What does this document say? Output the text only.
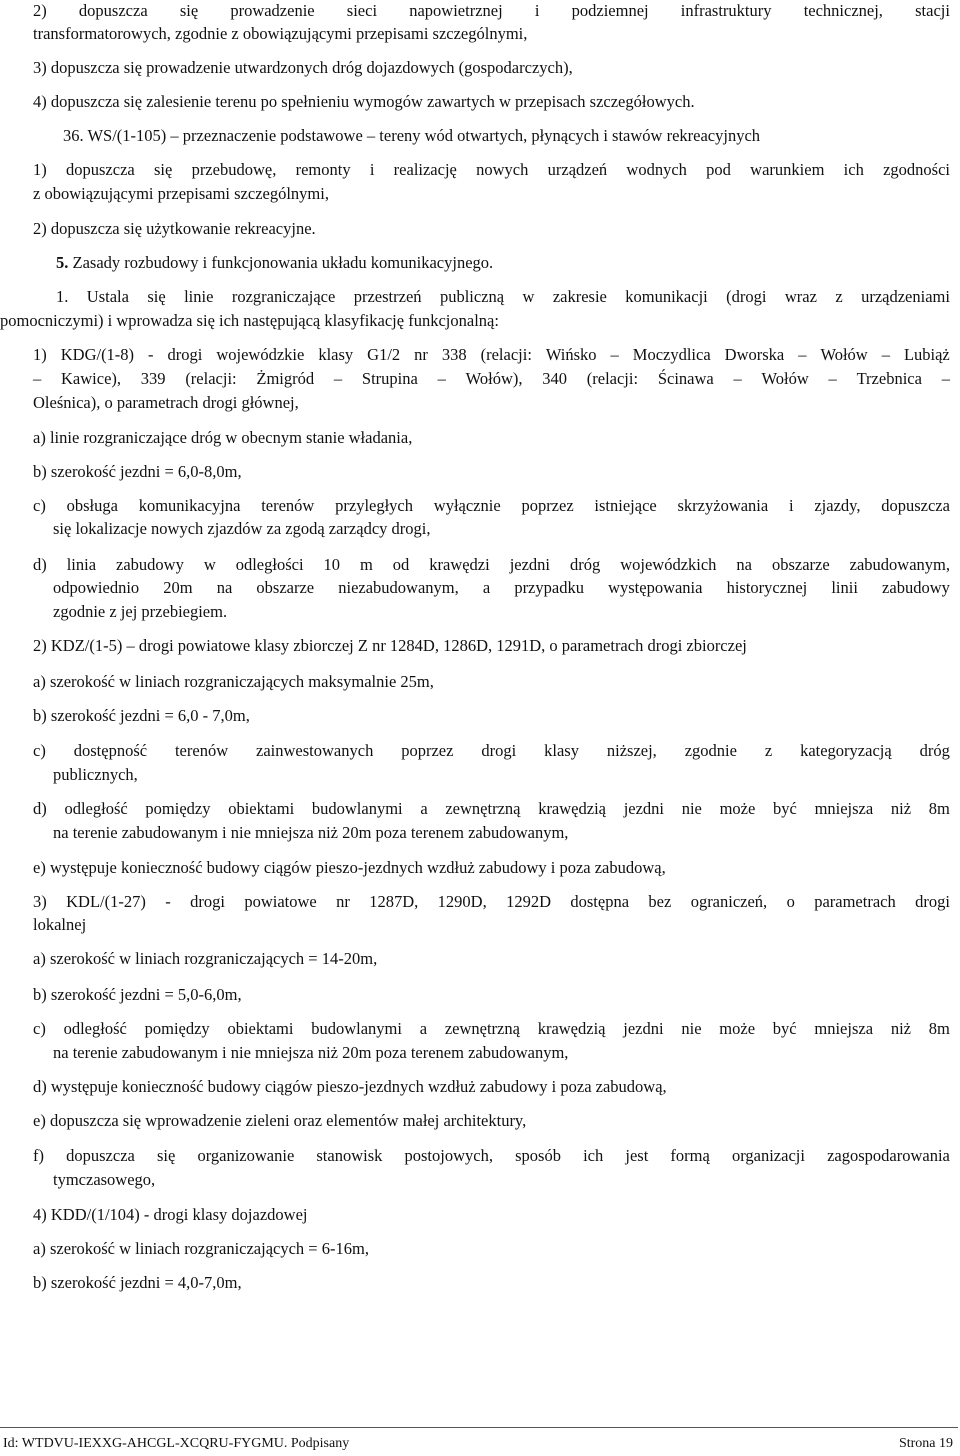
2) dopuszcza się prowadzenie sieci napowietrznej i podziemnej infrastruktury technicznej, stacji
transformatorowych, zgodnie z obowiązującymi przepisami szczególnymi,
3) dopuszcza się prowadzenie utwardzonych dróg dojazdowych (gospodarczych),
4) dopuszcza się zalesienie terenu po spełnieniu wymogów zawartych w przepisach szczegółowych.
36. WS/(1-105) – przeznaczenie podstawowe – tereny wód otwartych, płynących i stawów rekreacyjnych
1) dopuszcza się przebudowę, remonty i realizację nowych urządzeń wodnych pod warunkiem ich zgodności
z obowiązującymi przepisami szczególnymi,
2) dopuszcza się użytkowanie rekreacyjne.
5. Zasady rozbudowy i funkcjonowania układu komunikacyjnego.
1. Ustala się linie rozgraniczające przestrzeń publiczną w zakresie komunikacji (drogi wraz z urządzeniami
pomocniczymi) i wprowadza się ich następującą klasyfikację funkcjonalną:
1) KDG/(1-8) - drogi wojewódzkie klasy G1/2 nr 338 (relacji: Wińsko – Moczydlica Dworska – Wołów – Lubiąż
– Kawice), 339 (relacji: Żmigród – Strupina – Wołów), 340 (relacji: Ścinawa – Wołów – Trzebnica –
Oleśnica), o parametrach drogi głównej,
a) linie rozgraniczające dróg w obecnym stanie władania,
b) szerokość jezdni = 6,0-8,0m,
c) obsługa komunikacyjna terenów przyległych wyłącznie poprzez istniejące skrzyżowania i zjazdy, dopuszcza
się lokalizacje nowych zjazdów za zgodą zarządcy drogi,
d) linia zabudowy w odległości 10 m od krawędzi jezdni dróg wojewódzkich na obszarze zabudowanym,
odpowiednio 20m na obszarze niezabudowanym, a przypadku występowania historycznej linii zabudowy
zgodnie z jej przebiegiem.
2) KDZ/(1-5) – drogi powiatowe klasy zbiorczej Z nr 1284D, 1286D, 1291D, o parametrach drogi zbiorczej
a) szerokość w liniach rozgraniczających maksymalnie 25m,
b) szerokość jezdni = 6,0 - 7,0m,
c) dostępność terenów zainwestowanych poprzez drogi klasy niższej, zgodnie z kategoryzacją dróg
publicznych,
d) odległość pomiędzy obiektami budowlanymi a zewnętrzną krawędzią jezdni nie może być mniejsza niż 8m
na terenie zabudowanym i nie mniejsza niż 20m poza terenem zabudowanym,
e) występuje konieczność budowy ciągów pieszo-jezdnych wzdłuż zabudowy i poza zabudową,
3) KDL/(1-27) - drogi powiatowe nr 1287D, 1290D, 1292D dostępna bez ograniczeń, o parametrach drogi
lokalnej
a) szerokość w liniach rozgraniczających = 14-20m,
b) szerokość jezdni = 5,0-6,0m,
c) odległość pomiędzy obiektami budowlanymi a zewnętrzną krawędzią jezdni nie może być mniejsza niż 8m
na terenie zabudowanym i nie mniejsza niż 20m poza terenem zabudowanym,
d) występuje konieczność budowy ciągów pieszo-jezdnych wzdłuż zabudowy i poza zabudową,
e) dopuszcza się wprowadzenie zieleni oraz elementów małej architektury,
f) dopuszcza się organizowanie stanowisk postojowych, sposób ich jest formą organizacji zagospodarowania
tymczasowego,
4) KDD/(1/104) - drogi klasy dojazdowej
a) szerokość w liniach rozgraniczających = 6-16m,
b) szerokość jezdni = 4,0-7,0m,
Id: WTDVU-IEXXG-AHCGL-XCQRU-FYGMU. Podpisany	Strona 19
